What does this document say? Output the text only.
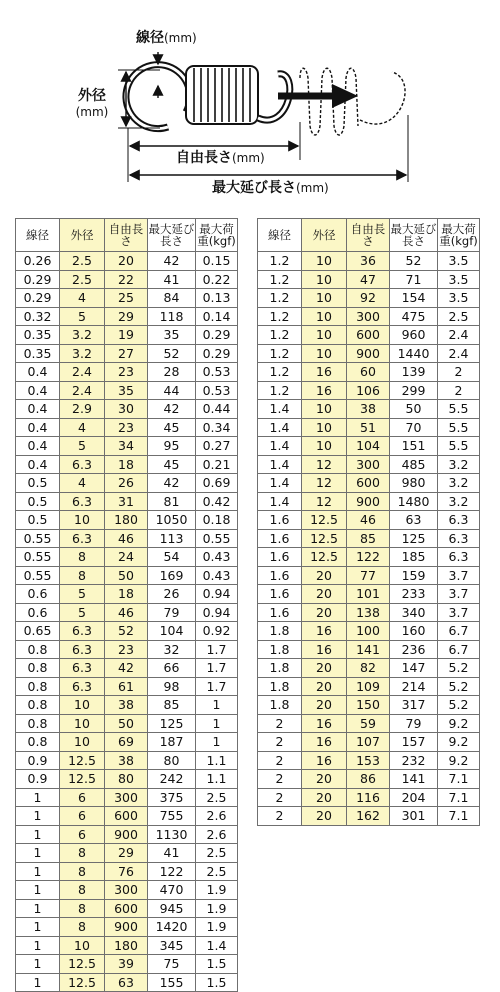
線径(mm)
外径
(mm)
自由長さ(mm)
最大延び長さ(mm)
線径	外径	自由長さ	最大延び長さ	最大荷重(kgf)
0.26	2.5	20	42	0.15
0.29	2.5	22	41	0.22
0.29	4	25	84	0.13
0.32	5	29	118	0.14
0.35	3.2	19	35	0.29
0.35	3.2	27	52	0.29
0.4	2.4	23	28	0.53
0.4	2.4	35	44	0.53
0.4	2.9	30	42	0.44
0.4	4	23	45	0.34
0.4	5	34	95	0.27
0.4	6.3	18	45	0.21
0.5	4	26	42	0.69
0.5	6.3	31	81	0.42
0.5	10	180	1050	0.18
0.55	6.3	46	113	0.55
0.55	8	24	54	0.43
0.55	8	50	169	0.43
0.6	5	18	26	0.94
0.6	5	46	79	0.94
0.65	6.3	52	104	0.92
0.8	6.3	23	32	1.7
0.8	6.3	42	66	1.7
0.8	6.3	61	98	1.7
0.8	10	38	85	1
0.8	10	50	125	1
0.8	10	69	187	1
0.9	12.5	38	80	1.1
0.9	12.5	80	242	1.1
1	6	300	375	2.5
1	6	600	755	2.6
1	6	900	1130	2.6
1	8	29	41	2.5
1	8	76	122	2.5
1	8	300	470	1.9
1	8	600	945	1.9
1	8	900	1420	1.9
1	10	180	345	1.4
1	12.5	39	75	1.5
1	12.5	63	155	1.5
線径	外径	自由長さ	最大延び長さ	最大荷重(kgf)
1.2	10	36	52	3.5
1.2	10	47	71	3.5
1.2	10	92	154	3.5
1.2	10	300	475	2.5
1.2	10	600	960	2.4
1.2	10	900	1440	2.4
1.2	16	60	139	2
1.2	16	106	299	2
1.4	10	38	50	5.5
1.4	10	51	70	5.5
1.4	10	104	151	5.5
1.4	12	300	485	3.2
1.4	12	600	980	3.2
1.4	12	900	1480	3.2
1.6	12.5	46	63	6.3
1.6	12.5	85	125	6.3
1.6	12.5	122	185	6.3
1.6	20	77	159	3.7
1.6	20	101	233	3.7
1.6	20	138	340	3.7
1.8	16	100	160	6.7
1.8	16	141	236	6.7
1.8	20	82	147	5.2
1.8	20	109	214	5.2
1.8	20	150	317	5.2
2	16	59	79	9.2
2	16	107	157	9.2
2	16	153	232	9.2
2	20	86	141	7.1
2	20	116	204	7.1
2	20	162	301	7.1
